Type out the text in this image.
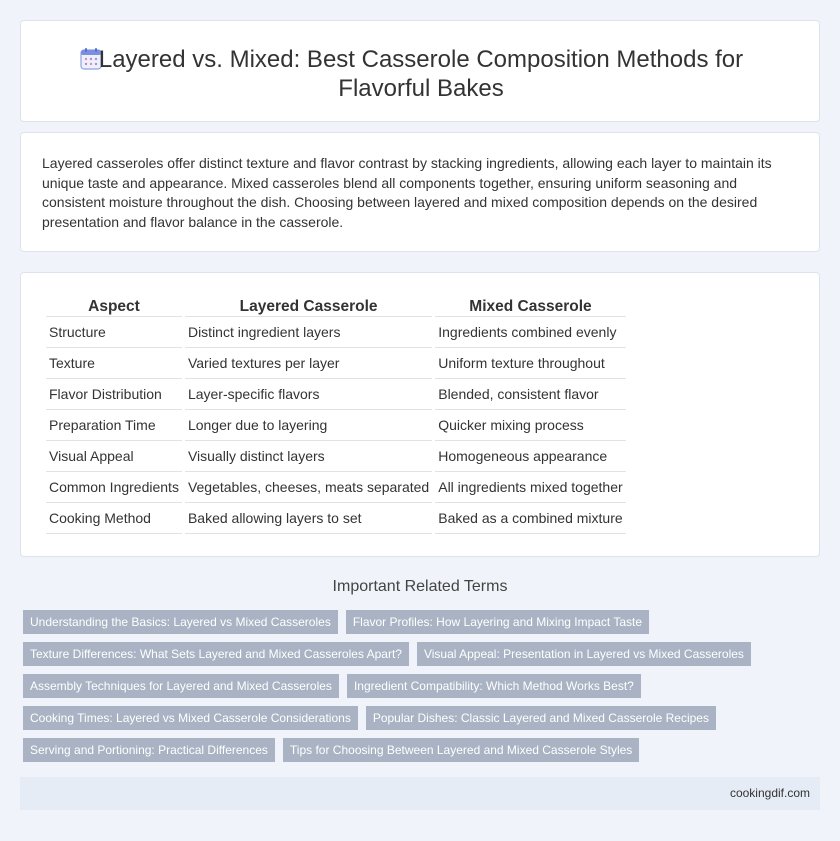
Layered vs. Mixed: Best Casserole Composition Methods for Flavorful Bakes

Layered casseroles offer distinct texture and flavor contrast by stacking ingredients, allowing each layer to maintain its unique taste and appearance. Mixed casseroles blend all components together, ensuring uniform seasoning and consistent moisture throughout the dish. Choosing between layered and mixed composition depends on the desired presentation and flavor balance in the casserole.

Aspect	Layered Casserole	Mixed Casserole
Structure	Distinct ingredient layers	Ingredients combined evenly
Texture	Varied textures per layer	Uniform texture throughout
Flavor Distribution	Layer-specific flavors	Blended, consistent flavor
Preparation Time	Longer due to layering	Quicker mixing process
Visual Appeal	Visually distinct layers	Homogeneous appearance
Common Ingredients	Vegetables, cheeses, meats separated	All ingredients mixed together
Cooking Method	Baked allowing layers to set	Baked as a combined mixture
Important Related Terms
Understanding the Basics: Layered vs Mixed Casseroles	Flavor Profiles: How Layering and Mixing Impact Taste
Texture Differences: What Sets Layered and Mixed Casseroles Apart?	Visual Appeal: Presentation in Layered vs Mixed Casseroles
Assembly Techniques for Layered and Mixed Casseroles	Ingredient Compatibility: Which Method Works Best?
Cooking Times: Layered vs Mixed Casserole Considerations	Popular Dishes: Classic Layered and Mixed Casserole Recipes
Serving and Portioning: Practical Differences	Tips for Choosing Between Layered and Mixed Casserole Styles
cookingdif.com
